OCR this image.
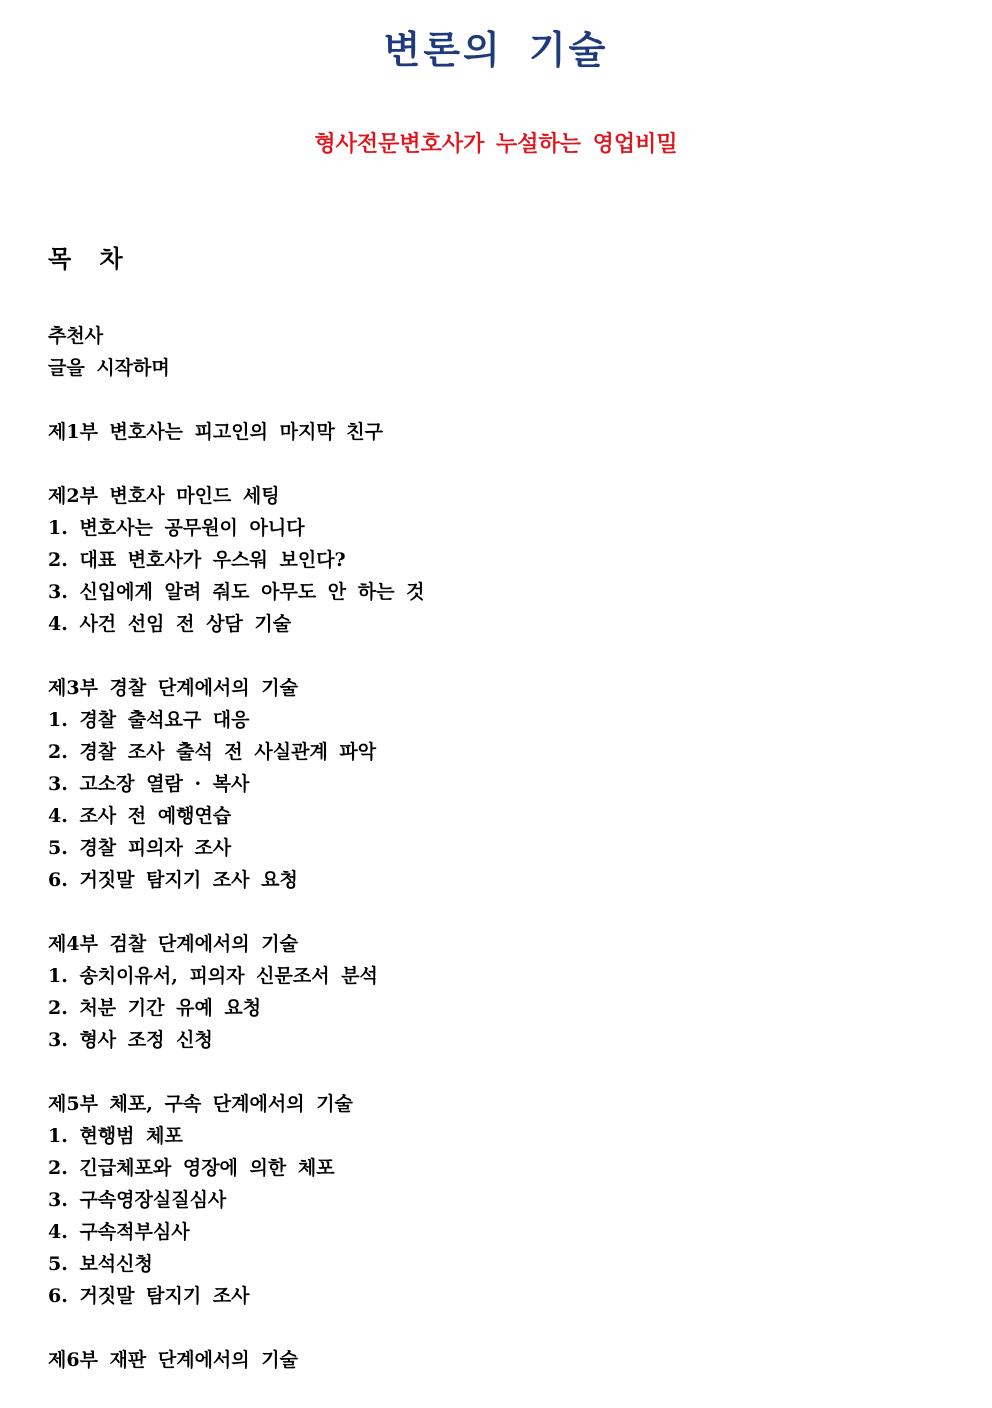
변론의 기술
형사전문변호사가 누설하는 영업비밀
목 차
추천사
글을 시작하며
제1부 변호사는 피고인의 마지막 친구
제2부 변호사 마인드 세팅
1. 변호사는 공무원이 아니다
2. 대표 변호사가 우스워 보인다?
3. 신입에게 알려 줘도 아무도 안 하는 것
4. 사건 선임 전 상담 기술
제3부 경찰 단계에서의 기술
1. 경찰 출석요구 대응
2. 경찰 조사 출석 전 사실관계 파악
3. 고소장 열람 · 복사
4. 조사 전 예행연습
5. 경찰 피의자 조사
6. 거짓말 탐지기 조사 요청
제4부 검찰 단계에서의 기술
1. 송치이유서, 피의자 신문조서 분석
2. 처분 기간 유예 요청
3. 형사 조정 신청
제5부 체포, 구속 단계에서의 기술
1. 현행범 체포
2. 긴급체포와 영장에 의한 체포
3. 구속영장실질심사
4. 구속적부심사
5. 보석신청
6. 거짓말 탐지기 조사
제6부 재판 단계에서의 기술
